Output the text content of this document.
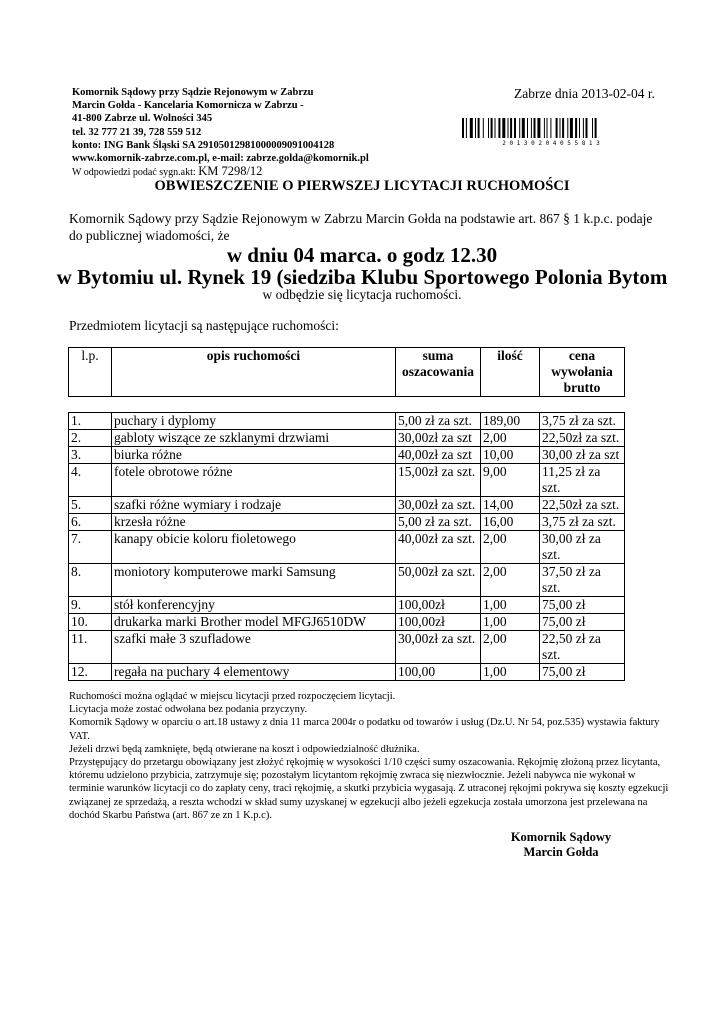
Komornik Sądowy przy Sądzie Rejonowym w Zabrzu
Marcin Gołda - Kancelaria Komornicza w Zabrzu -
41-800 Zabrze ul. Wolności 345
tel. 32 777 21 39, 728 559 512
konto: ING Bank Śląski SA 29105012981000009091004128
www.komornik-zabrze.com.pl, e-mail: zabrze.golda@komornik.pl
W odpowiedzi podać sygn.akt: KM 7298/12
Zabrze dnia 2013-02-04 r.
2 0 1 3 0 2 0 4 0 5 5 8 1 3
OBWIESZCZENIE O PIERWSZEJ LICYTACJI RUCHOMOŚCI
Komornik Sądowy przy Sądzie Rejonowym w Zabrzu Marcin Gołda na podstawie art. 867 § 1 k.p.c. podaje do publicznej wiadomości, że
w dniu 04 marca. o godz 12.30
w Bytomiu ul. Rynek 19 (siedziba Klubu Sportowego Polonia Bytom
w odbędzie się licytacja ruchomości.
Przedmiotem licytacji są następujące ruchomości:
l.p.	opis ruchomości	suma oszacowania	ilość	cena wywołania brutto
1.	puchary i dyplomy	5,00 zł za szt.	189,00	3,75 zł za szt.
2.	gabloty wiszące ze szklanymi drzwiami	30,00zł za szt	2,00	22,50zł za szt.
3.	biurka różne	40,00zł za szt	10,00	30,00 zł za szt
4.	fotele obrotowe różne	15,00zł za szt.	9,00	11,25 zł za szt.
5.	szafki różne wymiary i rodzaje	30,00zł za szt.	14,00	22,50zł za szt.
6.	krzesła różne	5,00 zł za szt.	16,00	3,75 zł za szt.
7.	kanapy obicie koloru fioletowego	40,00zł za szt.	2,00	30,00 zł za szt.
8.	moniotory komputerowe marki Samsung	50,00zł za szt.	2,00	37,50 zł za szt.
9.	stół konferencyjny	100,00zł	1,00	75,00 zł
10.	drukarka marki Brother model MFGJ6510DW	100,00zł	1,00	75,00 zł
11.	szafki małe 3 szufladowe	30,00zł za szt.	2,00	22,50 zł za szt.
12.	regała na puchary 4 elementowy	100,00	1,00	75,00 zł
Ruchomości można oglądać w miejscu licytacji przed rozpoczęciem licytacji.
Licytacja może zostać odwołana bez podania przyczyny.
Komornik Sądowy w oparciu o art.18 ustawy z dnia 11 marca 2004r o podatku od towarów i usług (Dz.U. Nr 54, poz.535) wystawia faktury VAT.
Jeżeli drzwi będą zamknięte, będą otwierane na koszt i odpowiedzialność dłużnika.
Przystępujący do przetargu obowiązany jest złożyć rękojmię w wysokości 1/10 części sumy oszacowania. Rękojmię złożoną przez licytanta, któremu udzielono przybicia, zatrzymuje się; pozostałym licytantom rękojmię zwraca się niezwłocznie. Jeżeli nabywca nie wykonał w terminie warunków licytacji co do zapłaty ceny, traci rękojmię, a skutki przybicia wygasają. Z utraconej rękojmi pokrywa się koszty egzekucji związanej ze sprzedażą, a reszta wchodzi w skład sumy uzyskanej w egzekucji albo jeżeli egzekucja została umorzona jest przelewana na dochód Skarbu Państwa (art. 867 ze zn 1 K.p.c).
Komornik Sądowy
Marcin Gołda
